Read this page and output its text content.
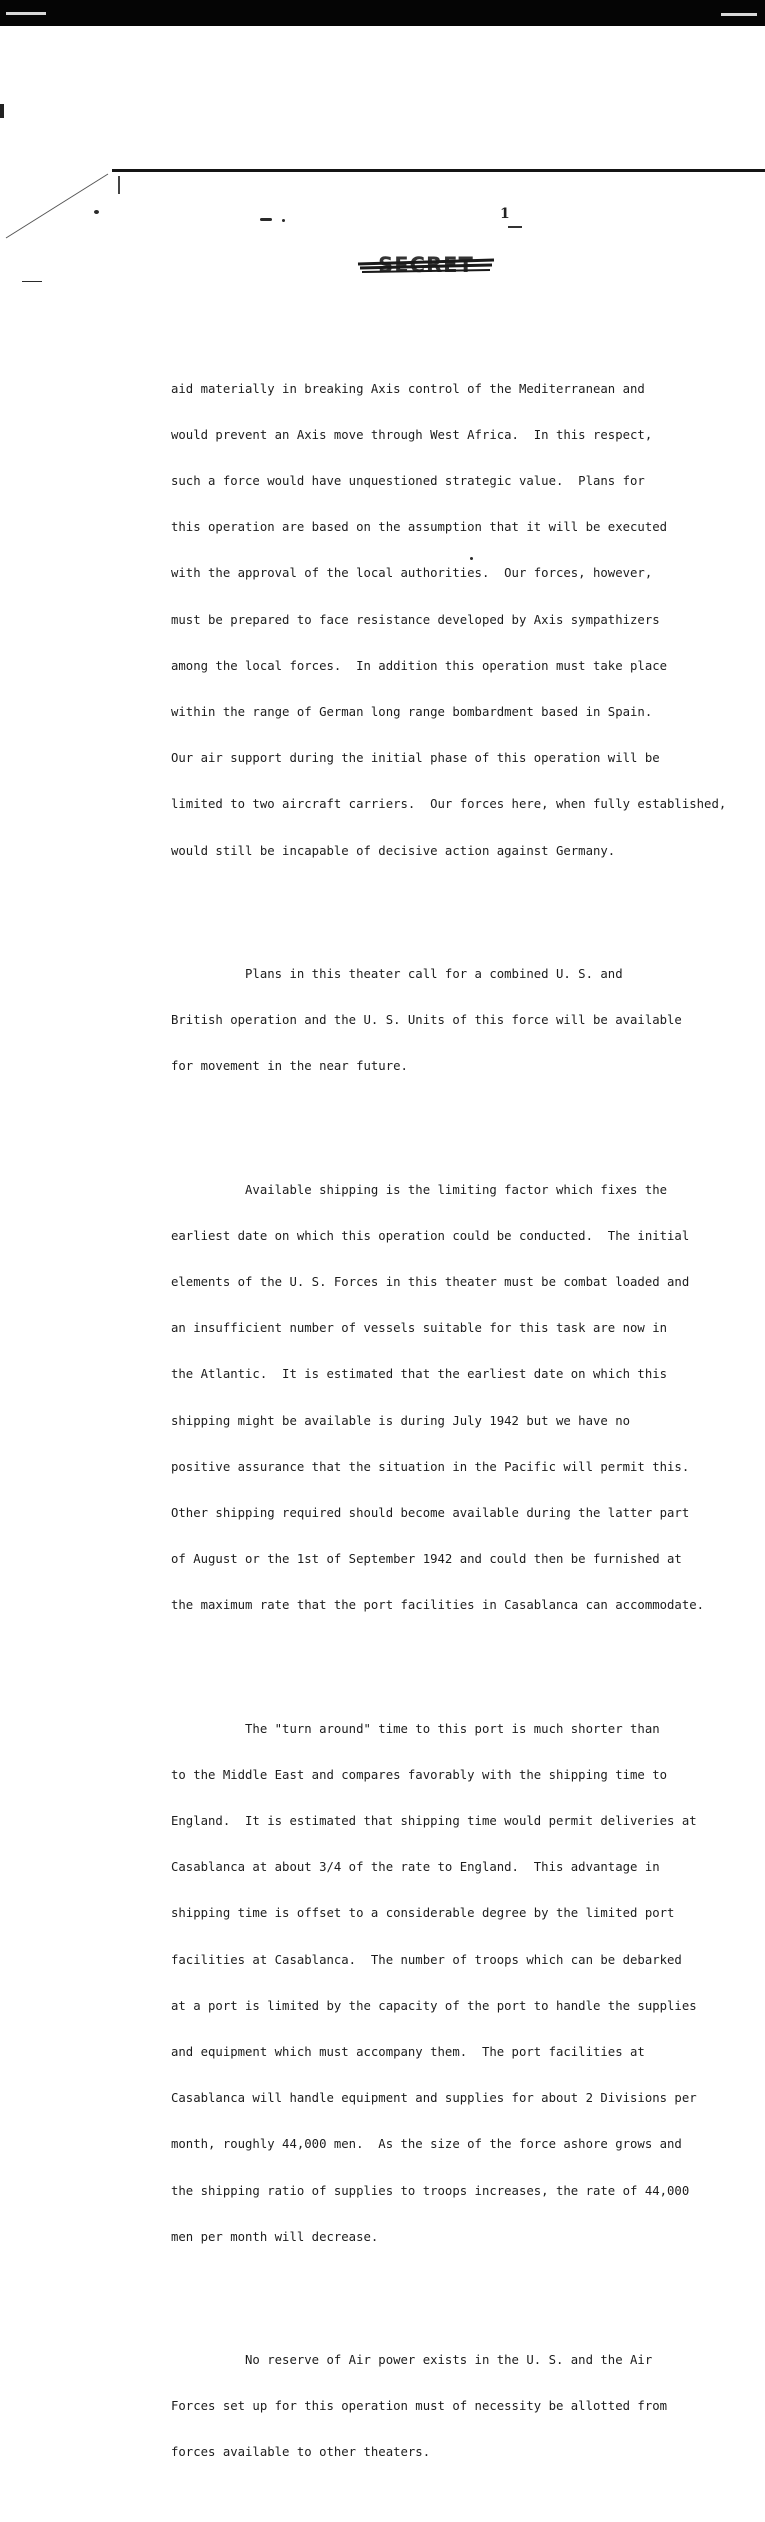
1
SECRET

aid materially in breaking Axis control of the Mediterranean and

would prevent an Axis move through West Africa.  In this respect,

such a force would have unquestioned strategic value.  Plans for

this operation are based on the assumption that it will be executed

with the approval of the local authorities.  Our forces, however,

must be prepared to face resistance developed by Axis sympathizers

among the local forces.  In addition this operation must take place

within the range of German long range bombardment based in Spain.

Our air support during the initial phase of this operation will be

limited to two aircraft carriers.  Our forces here, when fully established,

would still be incapable of decisive action against Germany.

Plans in this theater call for a combined U. S. and

British operation and the U. S. Units of this force will be available

for movement in the near future.

Available shipping is the limiting factor which fixes the

earliest date on which this operation could be conducted.  The initial

elements of the U. S. Forces in this theater must be combat loaded and

an insufficient number of vessels suitable for this task are now in

the Atlantic.  It is estimated that the earliest date on which this

shipping might be available is during July 1942 but we have no

positive assurance that the situation in the Pacific will permit this.

Other shipping required should become available during the latter part

of August or the 1st of September 1942 and could then be furnished at

the maximum rate that the port facilities in Casablanca can accommodate.

The "turn around" time to this port is much shorter than

to the Middle East and compares favorably with the shipping time to

England.  It is estimated that shipping time would permit deliveries at

Casablanca at about 3/4 of the rate to England.  This advantage in

shipping time is offset to a considerable degree by the limited port

facilities at Casablanca.  The number of troops which can be debarked

at a port is limited by the capacity of the port to handle the supplies

and equipment which must accompany them.  The port facilities at

Casablanca will handle equipment and supplies for about 2 Divisions per

month, roughly 44,000 men.  As the size of the force ashore grows and

the shipping ratio of supplies to troops increases, the rate of 44,000

men per month will decrease.

No reserve of Air power exists in the U. S. and the Air

Forces set up for this operation must of necessity be allotted from

forces available to other theaters.
